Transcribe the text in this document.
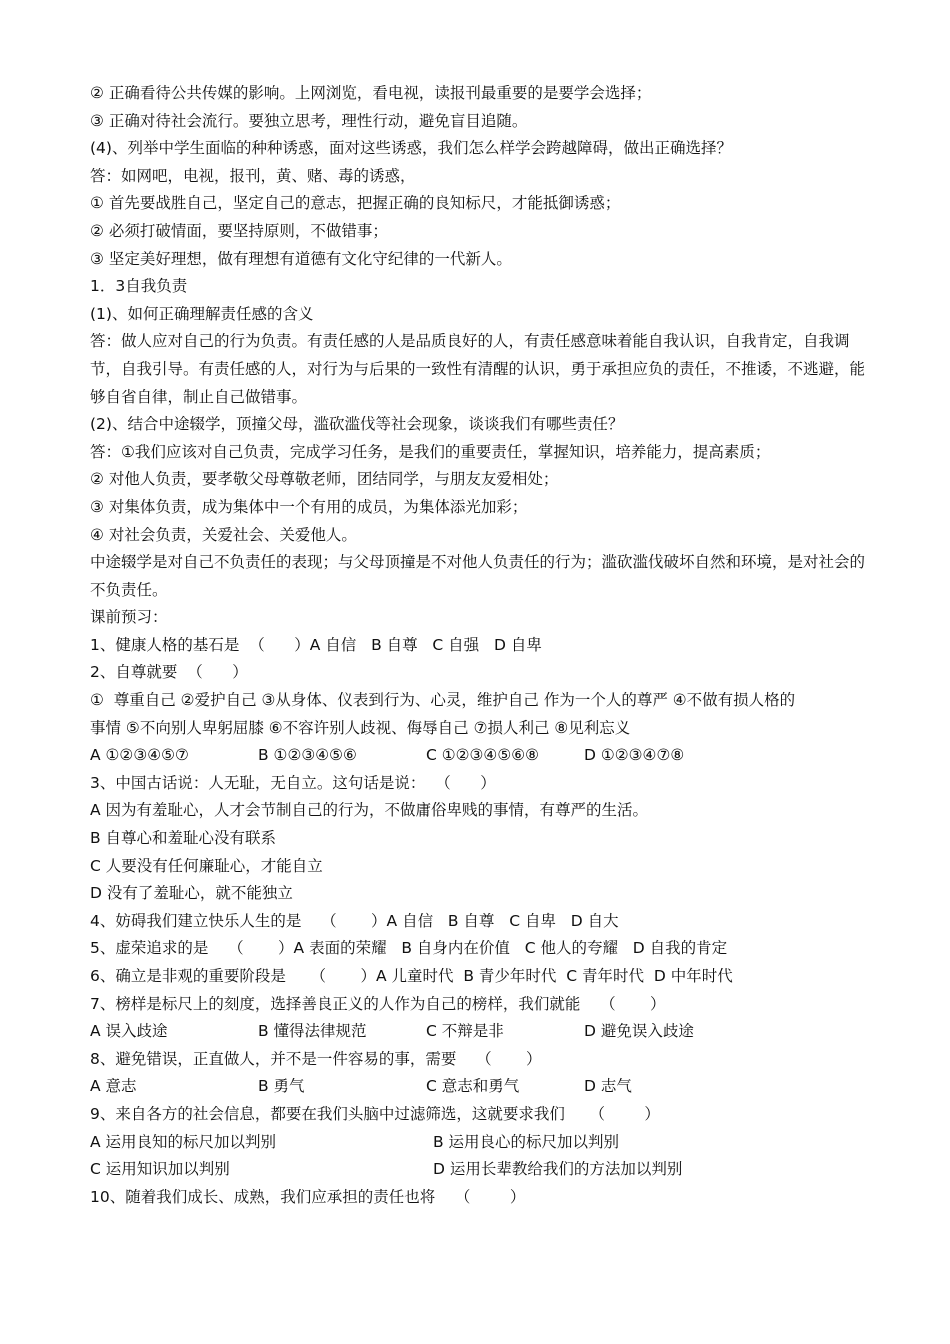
② 正确看待公共传媒的影响。上网浏览，看电视，读报刊最重要的是要学会选择；

③ 正确对待社会流行。要独立思考，理性行动，避免盲目追随。

(4)、列举中学生面临的种种诱惑，面对这些诱惑，我们怎么样学会跨越障碍，做出正确选择？

答：如网吧，电视，报刊，黄、赌、毒的诱惑，

① 首先要战胜自己，坚定自己的意志，把握正确的良知标尺，才能抵御诱惑；

② 必须打破情面，要坚持原则，不做错事；

③ 坚定美好理想，做有理想有道德有文化守纪律的一代新人。

1．3自我负责

(1)、如何正确理解责任感的含义

答：做人应对自己的行为负责。有责任感的人是品质良好的人，有责任感意味着能自我认识，自我肯定，自我调节，自我引导。有责任感的人，对行为与后果的一致性有清醒的认识，勇于承担应负的责任，不推诿，不逃避，能够自省自律，制止自己做错事。

(2)、结合中途辍学，顶撞父母，滥砍滥伐等社会现象，谈谈我们有哪些责任？

答：①我们应该对自己负责，完成学习任务，是我们的重要责任，掌握知识，培养能力，提高素质；

② 对他人负责，要孝敬父母尊敬老师，团结同学，与朋友友爱相处；

③ 对集体负责，成为集体中一个有用的成员，为集体添光加彩；

④ 对社会负责，关爱社会、关爱他人。

中途辍学是对自己不负责任的表现；与父母顶撞是不对他人负责任的行为；滥砍滥伐破坏自然和环境，是对社会的不负责任。

课前预习：

1、健康人格的基石是  （      ）A 自信   B 自尊   C 自强   D 自卑

2、自尊就要  （      ）

①  尊重自己 ②爱护自己 ③从身体、仪表到行为、心灵，维护自己 作为一个人的尊严 ④不做有损人格的

事情 ⑤不向别人卑躬屈膝 ⑥不容许别人歧视、侮辱自己 ⑦损人利己 ⑧见利忘义

A ①②③④⑤⑦	B ①②③④⑤⑥	C ①②③④⑤⑥⑧	D ①②③④⑦⑧

3、中国古话说：人无耻，无自立。这句话是说：  （      ）

A 因为有羞耻心，人才会节制自己的行为，不做庸俗卑贱的事情，有尊严的生活。

B 自尊心和羞耻心没有联系

C 人要没有任何廉耻心，才能自立

D 没有了羞耻心，就不能独立

4、妨碍我们建立快乐人生的是    （       ）A 自信   B 自尊   C 自卑   D 自大

5、虚荣追求的是    （       ）A 表面的荣耀   B 自身内在价值   C 他人的夸耀   D 自我的肯定

6、确立是非观的重要阶段是     （       ）A 儿童时代  B 青少年时代  C 青年时代  D 中年时代

7、榜样是标尺上的刻度，选择善良正义的人作为自己的榜样，我们就能    （       ）

A 误入歧途	B 懂得法律规范	C 不辩是非	D 避免误入歧途

8、避免错误，正直做人，并不是一件容易的事，需要    （       ）

A 意志	B 勇气	C 意志和勇气	D 志气

9、来自各方的社会信息，都要在我们头脑中过滤筛选，这就要求我们     （        ）

A 运用良知的标尺加以判别	B 运用良心的标尺加以判别
C 运用知识加以判别	D 运用长辈教给我们的方法加以判别

10、随着我们成长、成熟，我们应承担的责任也将    （        ）
